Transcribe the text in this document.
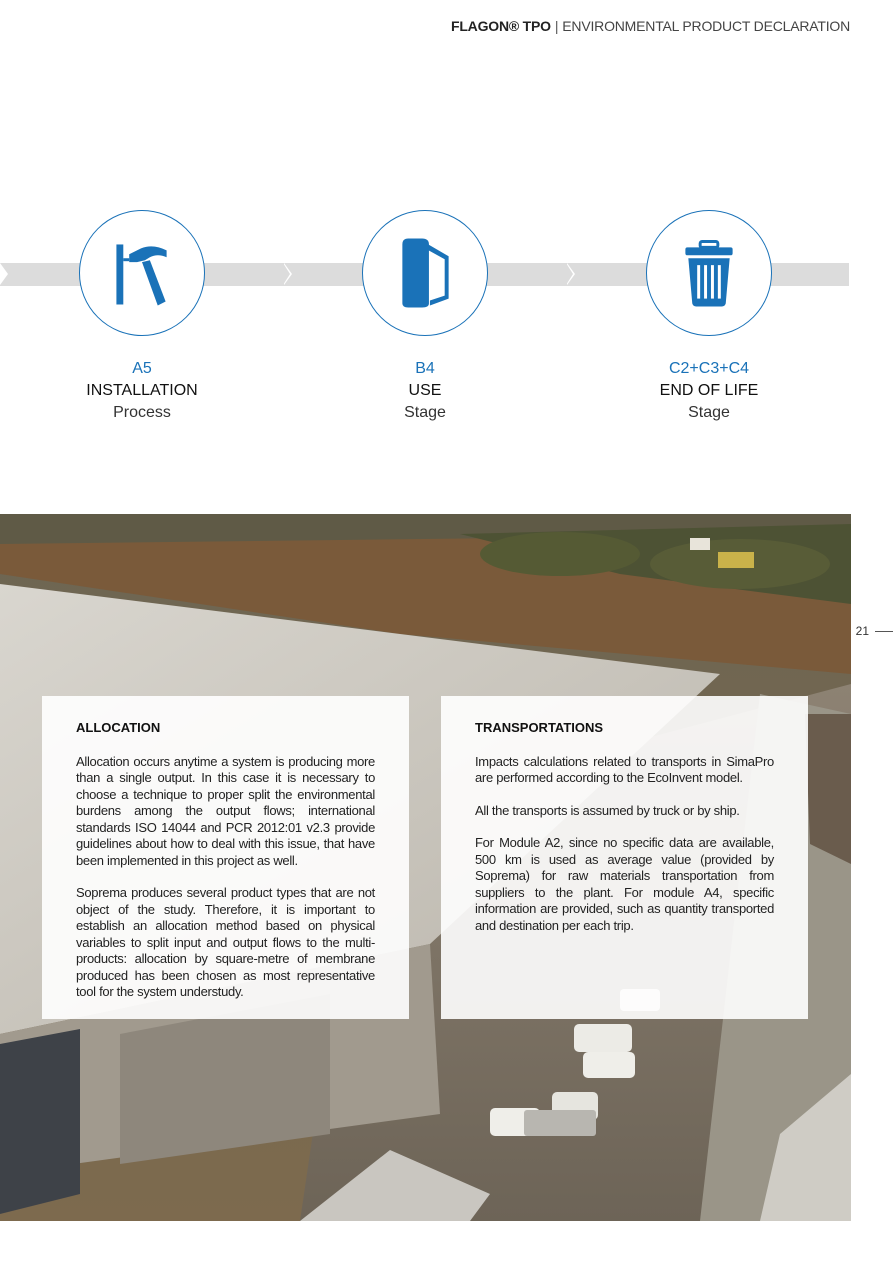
FLAGON® TPO | ENVIRONMENTAL PRODUCT DECLARATION
A5
INSTALLATION
Process
B4
USE
Stage
C2+C3+C4
END OF LIFE
Stage
21
ALLOCATION

Allocation occurs anytime a system is producing more than a single output. In this case it is necessary to choose a technique to proper split the environmental burdens among the output flows; international standards ISO 14044 and PCR 2012:01 v2.3 provide guidelines about how to deal with this issue, that have been implemented in this project as well.

Soprema produces several product types that are not object of the study. Therefore, it is important to establish an allocation method based on physical variables to split input and output flows to the multi-products: allocation by square-metre of membrane produced has been chosen as most representative tool for the system understudy.

TRANSPORTATIONS

Impacts calculations related to transports in SimaPro are performed according to the EcoInvent model.

All the transports is assumed by truck or by ship.

For Module A2, since no specific data are available, 500 km is used as average value (provided by Soprema) for raw materials transportation from suppliers to the plant. For module A4, specific information are provided, such as quantity transported and destination per each trip.
